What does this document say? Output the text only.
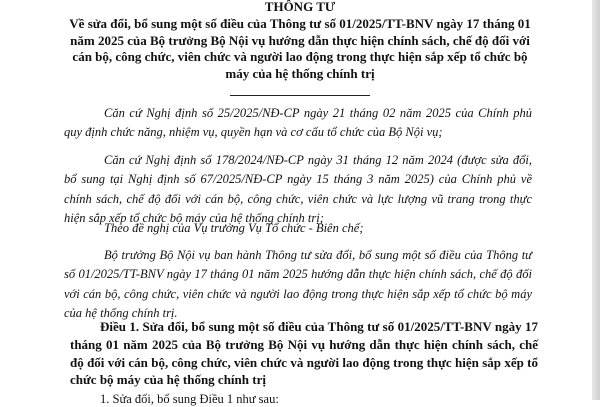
THÔNG TƯ
Về sửa đổi, bổ sung một số điều của Thông tư số 01/2025/TT-BNV ngày 17 tháng 01 năm 2025 của Bộ trưởng Bộ Nội vụ hướng dẫn thực hiện chính sách, chế độ đối với cán bộ, công chức, viên chức và người lao động trong thực hiện sắp xếp tổ chức bộ máy của hệ thống chính trị
Căn cứ Nghị định số 25/2025/NĐ-CP ngày 21 tháng 02 năm 2025 của Chính phủ quy định chức năng, nhiệm vụ, quyền hạn và cơ cấu tổ chức của Bộ Nội vụ;
Căn cứ Nghị định số 178/2024/NĐ-CP ngày 31 tháng 12 năm 2024 (được sửa đổi, bổ sung tại Nghị định số 67/2025/NĐ-CP ngày 15 tháng 3 năm 2025) của Chính phủ về chính sách, chế độ đối với cán bộ, công chức, viên chức và lực lượng vũ trang trong thực hiện sắp xếp tổ chức bộ máy của hệ thống chính trị;
Theo đề nghị của Vụ trưởng Vụ Tổ chức - Biên chế;
Bộ trưởng Bộ Nội vụ ban hành Thông tư sửa đổi, bổ sung một số điều của Thông tư số 01/2025/TT-BNV ngày 17 tháng 01 năm 2025 hướng dẫn thực hiện chính sách, chế độ đối với cán bộ, công chức, viên chức và người lao động trong thực hiện sắp xếp tổ chức bộ máy của hệ thống chính trị.
Điều 1. Sửa đổi, bổ sung một số điều của Thông tư số 01/2025/TT-BNV ngày 17 tháng 01 năm 2025 của Bộ trưởng Bộ Nội vụ hướng dẫn thực hiện chính sách, chế độ đối với cán bộ, công chức, viên chức và người lao động trong thực hiện sắp xếp tổ chức bộ máy của hệ thống chính trị
1. Sửa đổi, bổ sung Điều 1 như sau:
